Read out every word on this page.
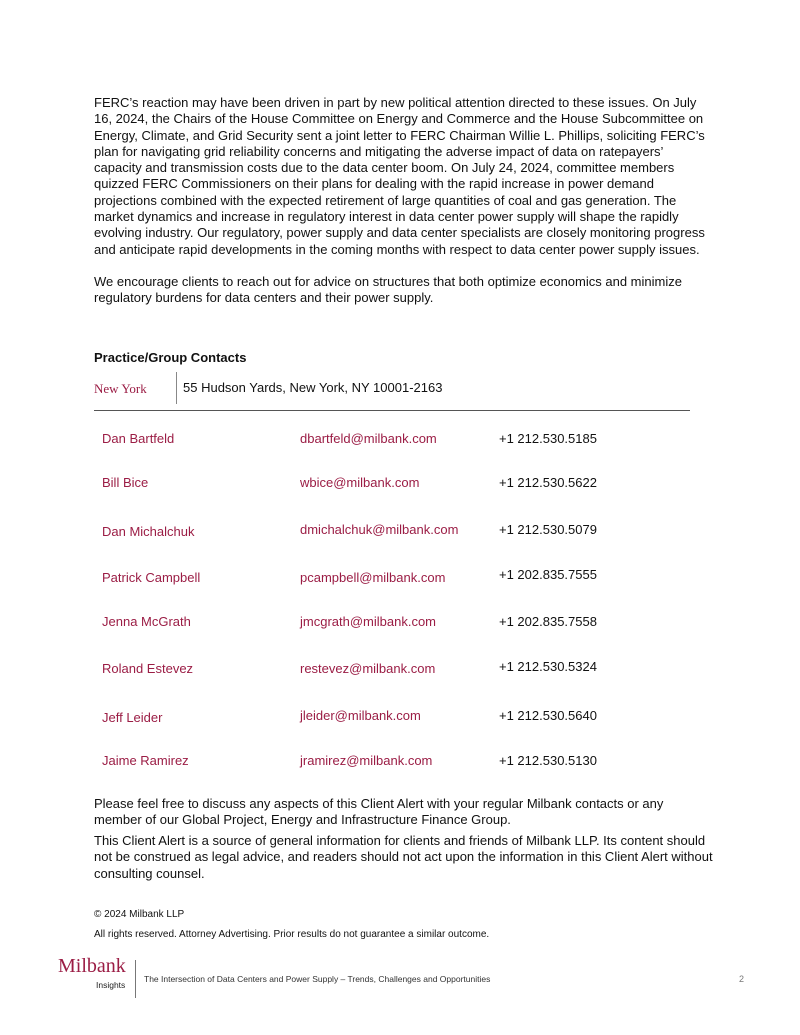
FERC’s reaction may have been driven in part by new political attention directed to these issues. On July 16, 2024, the Chairs of the House Committee on Energy and Commerce and the House Subcommittee on Energy, Climate, and Grid Security sent a joint letter to FERC Chairman Willie L. Phillips, soliciting FERC’s plan for navigating grid reliability concerns and mitigating the adverse impact of data on ratepayers’ capacity and transmission costs due to the data center boom. On July 24, 2024, committee members quizzed FERC Commissioners on their plans for dealing with the rapid increase in power demand projections combined with the expected retirement of large quantities of coal and gas generation. The market dynamics and increase in regulatory interest in data center power supply will shape the rapidly evolving industry. Our regulatory, power supply and data center specialists are closely monitoring progress and anticipate rapid developments in the coming months with respect to data center power supply issues.

We encourage clients to reach out for advice on structures that both optimize economics and minimize regulatory burdens for data centers and their power supply.

Practice/Group Contacts
New York	55 Hudson Yards, New York, NY 10001-2163
Dan Bartfeld	dbartfeld@milbank.com	+1 212.530.5185
Bill Bice	wbice@milbank.com	+1 212.530.5622
Dan Michalchuk	dmichalchuk@milbank.com	+1 212.530.5079
Patrick Campbell	pcampbell@milbank.com	+1 202.835.7555
Jenna McGrath	jmcgrath@milbank.com	+1 202.835.7558
Roland Estevez	restevez@milbank.com	+1 212.530.5324
Jeff Leider	jleider@milbank.com	+1 212.530.5640
Jaime Ramirez	jramirez@milbank.com	+1 212.530.5130

Please feel free to discuss any aspects of this Client Alert with your regular Milbank contacts or any member of our Global Project, Energy and Infrastructure Finance Group.

This Client Alert is a source of general information for clients and friends of Milbank LLP. Its content should not be construed as legal advice, and readers should not act upon the information in this Client Alert without consulting counsel.

© 2024 Milbank LLP

All rights reserved. Attorney Advertising. Prior results do not guarantee a similar outcome.

Milbank
Insights
The Intersection of Data Centers and Power Supply – Trends, Challenges and Opportunities	2
